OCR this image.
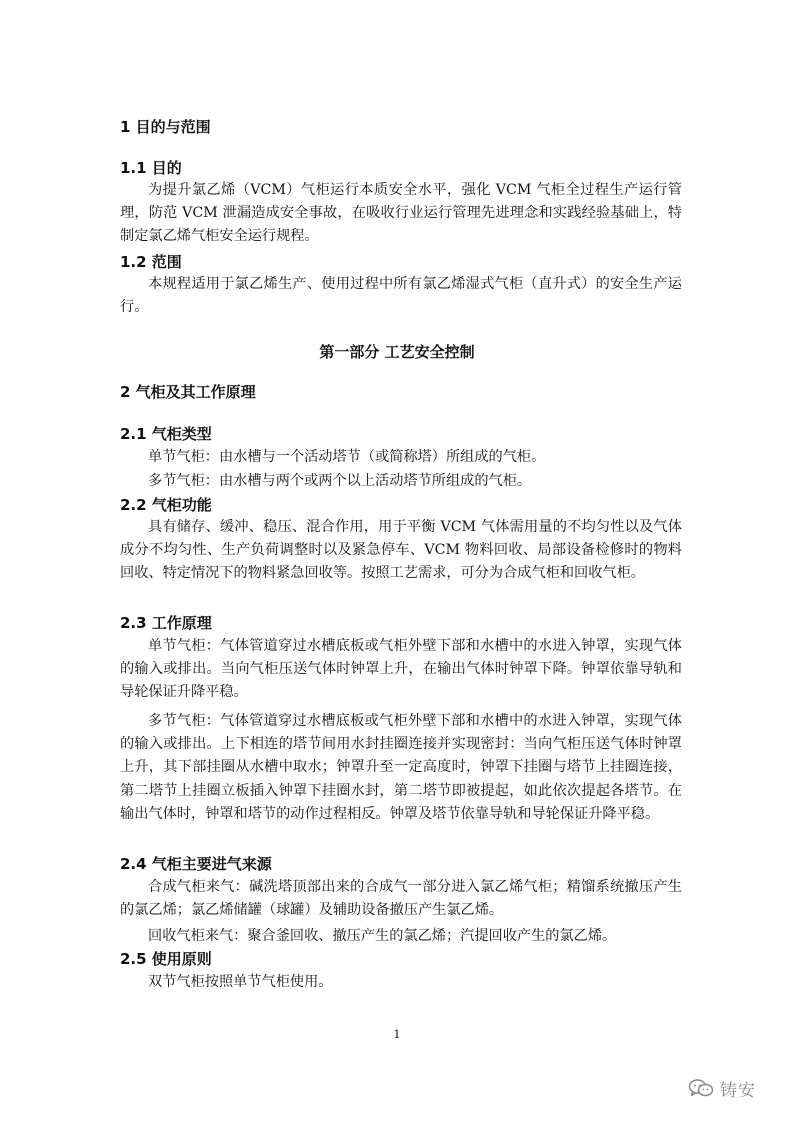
1 目的与范围
1.1 目的

为提升氯乙烯（VCM）气柜运行本质安全水平，强化 VCM 气柜全过程生产运行管理，防范 VCM 泄漏造成安全事故，在吸收行业运行管理先进理念和实践经验基础上，特制定氯乙烯气柜安全运行规程。

1.2 范围

本规程适用于氯乙烯生产、使用过程中所有氯乙烯湿式气柜（直升式）的安全生产运行。

第一部分 工艺安全控制
2 气柜及其工作原理
2.1 气柜类型

单节气柜：由水槽与一个活动塔节（或简称塔）所组成的气柜。

多节气柜：由水槽与两个或两个以上活动塔节所组成的气柜。

2.2 气柜功能

具有储存、缓冲、稳压、混合作用，用于平衡 VCM 气体需用量的不均匀性以及气体成分不均匀性、生产负荷调整时以及紧急停车、VCM 物料回收、局部设备检修时的物料回收、特定情况下的物料紧急回收等。按照工艺需求，可分为合成气柜和回收气柜。

2.3 工作原理

单节气柜：气体管道穿过水槽底板或气柜外壁下部和水槽中的水进入钟罩，实现气体的输入或排出。当向气柜压送气体时钟罩上升，在输出气体时钟罩下降。钟罩依靠导轨和导轮保证升降平稳。

多节气柜：气体管道穿过水槽底板或气柜外壁下部和水槽中的水进入钟罩，实现气体的输入或排出。上下相连的塔节间用水封挂圈连接并实现密封：当向气柜压送气体时钟罩上升，其下部挂圈从水槽中取水；钟罩升至一定高度时，钟罩下挂圈与塔节上挂圈连接，第二塔节上挂圈立板插入钟罩下挂圈水封，第二塔节即被提起，如此依次提起各塔节。在输出气体时，钟罩和塔节的动作过程相反。钟罩及塔节依靠导轨和导轮保证升降平稳。

2.4 气柜主要进气来源

合成气柜来气：碱洗塔顶部出来的合成气一部分进入氯乙烯气柜；精馏系统撤压产生的氯乙烯；氯乙烯储罐（球罐）及辅助设备撤压产生氯乙烯。

回收气柜来气：聚合釜回收、撤压产生的氯乙烯；汽提回收产生的氯乙烯。

2.5 使用原则

双节气柜按照单节气柜使用。

1
铸安
